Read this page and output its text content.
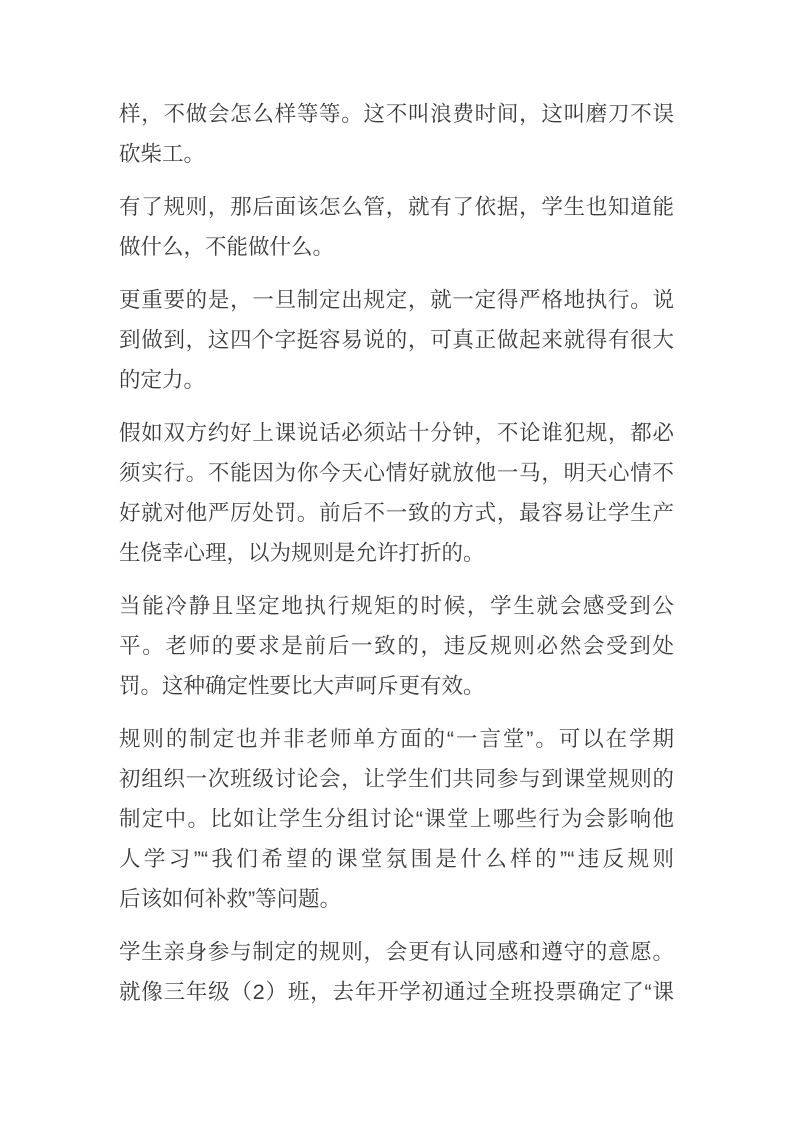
样，不做会怎么样等等。这不叫浪费时间，这叫磨刀不误
砍柴工。
有了规则，那后面该怎么管，就有了依据，学生也知道能
做什么，不能做什么。
更重要的是，一旦制定出规定，就一定得严格地执行。说
到做到，这四个字挺容易说的，可真正做起来就得有很大
的定力。
假如双方约好上课说话必须站十分钟，不论谁犯规，都必
须实行。不能因为你今天心情好就放他一马，明天心情不
好就对他严厉处罚。前后不一致的方式，最容易让学生产
生侥幸心理，以为规则是允许打折的。
当能冷静且坚定地执行规矩的时候，学生就会感受到公
平。老师的要求是前后一致的，违反规则必然会受到处
罚。这种确定性要比大声呵斥更有效。
规则的制定也并非老师单方面的“一言堂”。可以在学期
初组织一次班级讨论会，让学生们共同参与到课堂规则的
制定中。比如让学生分组讨论“课堂上哪些行为会影响他
人学习”“我们希望的课堂氛围是什么样的”“违反规则
后该如何补救”等问题。
学生亲身参与制定的规则，会更有认同感和遵守的意愿。
就像三年级（2）班，去年开学初通过全班投票确定了“课
